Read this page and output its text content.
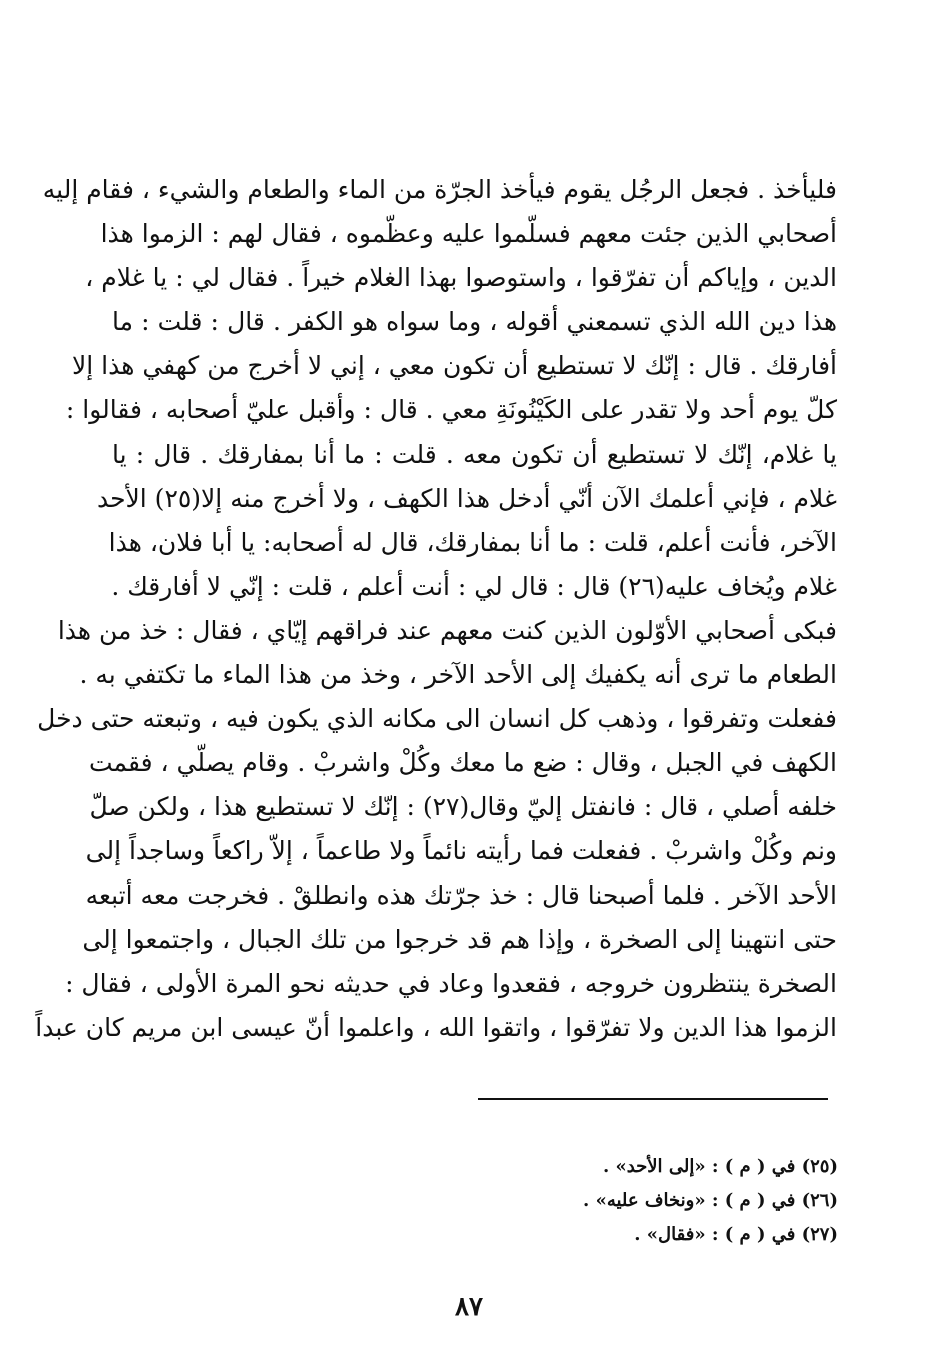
فليأخذ . فجعل الرجُل يقوم فيأخذ الجرّة من الماء والطعام والشيء ، فقام إليه
أصحابي الذين جئت معهم فسلّموا عليه وعظّموه ، فقال لهم : الزموا هذا
الدين ، وإياكم أن تفرّقوا ، واستوصوا بهذا الغلام خيراً . فقال لي : يا غلام ،
هذا دين الله الذي تسمعني أقوله ، وما سواه هو الكفر . قال : قلت : ما
أفارقك . قال : إنّك لا تستطيع أن تكون معي ، إني لا أخرج من كهفي هذا إلا
كلّ يوم أحد ولا تقدر على الكَيْنُونَةِ معي . قال : وأقبل عليّ أصحابه ، فقالوا :
يا غلام، إنّك لا تستطيع أن تكون معه . قلت : ما أنا بمفارقك . قال : يا
غلام ، فإني أعلمك الآن أنّي أدخل هذا الكهف ، ولا أخرج منه إلا(٢٥) الأحد
الآخر، فأنت أعلم، قلت : ما أنا بمفارقك، قال له أصحابه: يا أبا فلان، هذا
غلام ويُخاف عليه(٢٦) قال : قال لي : أنت أعلم ، قلت : إنّي لا أفارقك .
فبكى أصحابي الأوّلون الذين كنت معهم عند فراقهم إيّاي ، فقال : خذ من هذا
الطعام ما ترى أنه يكفيك إلى الأحد الآخر ، وخذ من هذا الماء ما تكتفي به .
ففعلت وتفرقوا ، وذهب كل انسان الى مكانه الذي يكون فيه ، وتبعته حتى دخل
الكهف في الجبل ، وقال : ضع ما معك وكُلْ واشربْ . وقام يصلّي ، فقمت
خلفه أصلي ، قال : فانفتل إليّ وقال(٢٧) : إنّك لا تستطيع هذا ، ولكن صلّ
ونم وكُلْ واشربْ . ففعلت فما رأيته نائماً ولا طاعماً ، إلاّ راكعاً وساجداً إلى
الأحد الآخر . فلما أصبحنا قال : خذ جرّتك هذه وانطلقْ . فخرجت معه أتبعه
حتى انتهينا إلى الصخرة ، وإذا هم قد خرجوا من تلك الجبال ، واجتمعوا إلى
الصخرة ينتظرون خروجه ، فقعدوا وعاد في حديثه نحو المرة الأولى ، فقال :
الزموا هذا الدين ولا تفرّقوا ، واتقوا الله ، واعلموا أنّ عيسى ابن مريم كان عبداً
(٢٥) في ( م ) : «إلى الأحد» .
(٢٦) في ( م ) : «ونخاف عليه» .
(٢٧) في ( م ) : «فقال» .
٨٧
